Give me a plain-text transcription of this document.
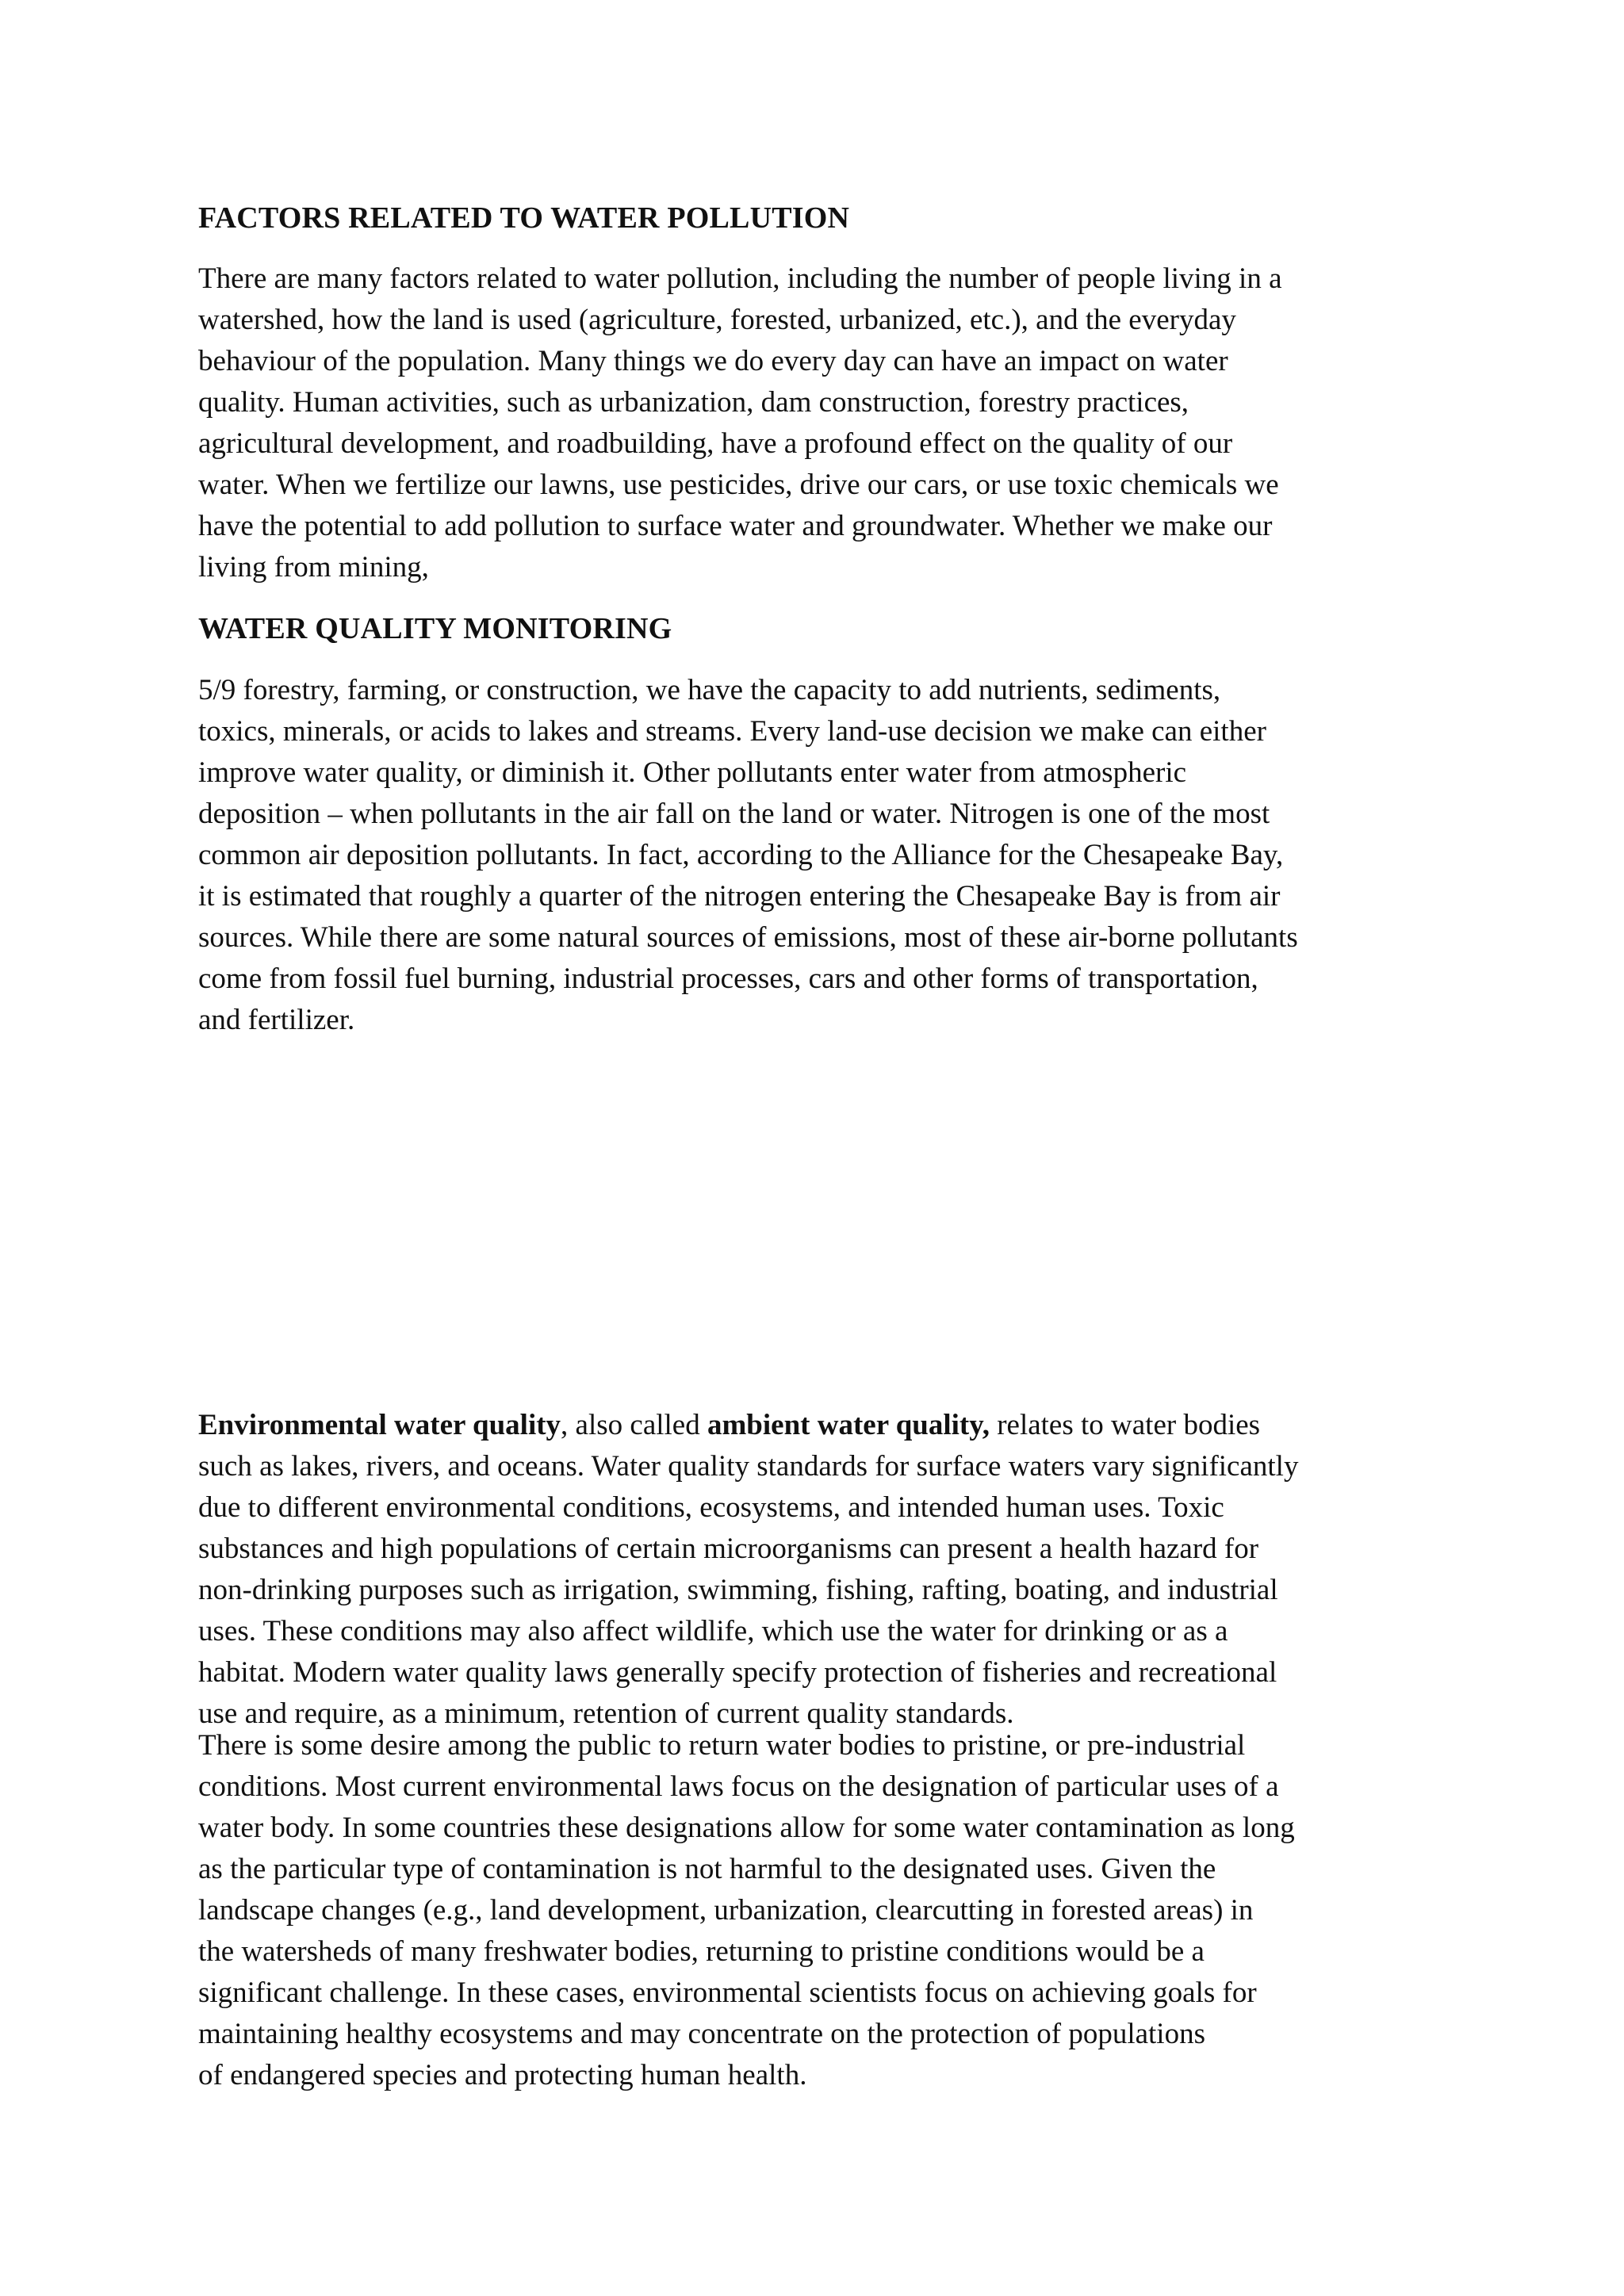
FACTORS RELATED TO WATER POLLUTION

There are many factors related to water pollution, including the number of people living in a
watershed, how the land is used (agriculture, forested, urbanized, etc.), and the everyday
behaviour of the population. Many things we do every day can have an impact on water
quality. Human activities, such as urbanization, dam construction, forestry practices,
agricultural development, and roadbuilding, have a profound effect on the quality of our
water. When we fertilize our lawns, use pesticides, drive our cars, or use toxic chemicals we
have the potential to add pollution to surface water and groundwater. Whether we make our
living from mining,

WATER QUALITY MONITORING

5/9 forestry, farming, or construction, we have the capacity to add nutrients, sediments,
toxics, minerals, or acids to lakes and streams. Every land-use decision we make can either
improve water quality, or diminish it. Other pollutants enter water from atmospheric
deposition – when pollutants in the air fall on the land or water. Nitrogen is one of the most
common air deposition pollutants. In fact, according to the Alliance for the Chesapeake Bay,
it is estimated that roughly a quarter of the nitrogen entering the Chesapeake Bay is from air
sources. While there are some natural sources of emissions, most of these air-borne pollutants
come from fossil fuel burning, industrial processes, cars and other forms of transportation,
and fertilizer.

Environmental water quality, also called ambient water quality, relates to water bodies
such as lakes, rivers, and oceans. Water quality standards for surface waters vary significantly
due to different environmental conditions, ecosystems, and intended human uses. Toxic
substances and high populations of certain microorganisms can present a health hazard for
non-drinking purposes such as irrigation, swimming, fishing, rafting, boating, and industrial
uses. These conditions may also affect wildlife, which use the water for drinking or as a
habitat. Modern water quality laws generally specify protection of fisheries and recreational
use and require, as a minimum, retention of current quality standards.

There is some desire among the public to return water bodies to pristine, or pre-industrial
conditions. Most current environmental laws focus on the designation of particular uses of a
water body. In some countries these designations allow for some water contamination as long
as the particular type of contamination is not harmful to the designated uses. Given the
landscape changes (e.g., land development, urbanization, clearcutting in forested areas) in
the watersheds of many freshwater bodies, returning to pristine conditions would be a
significant challenge. In these cases, environmental scientists focus on achieving goals for
maintaining healthy ecosystems and may concentrate on the protection of populations
of endangered species and protecting human health.
